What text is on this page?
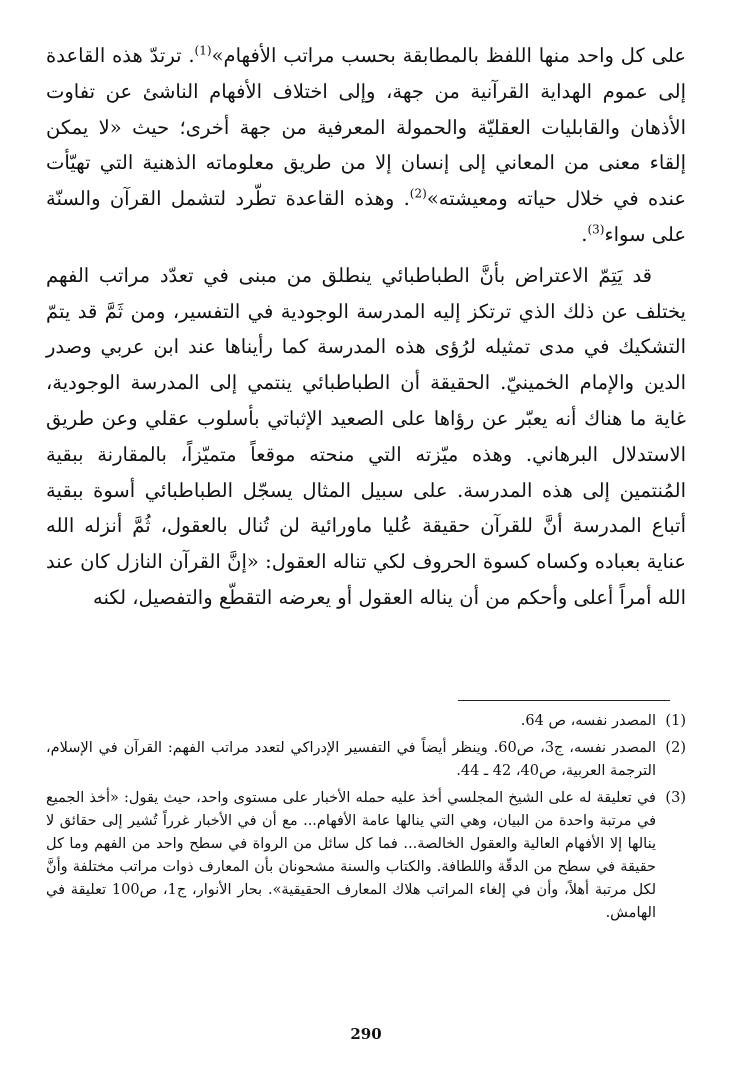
على كل واحد منها اللفظ بالمطابقة بحسب مراتب الأفهام»$^{(1)}$. ترتدّ هذه القاعدة إلى عموم الهداية القرآنية من جهة، وإلى اختلاف الأفهام الناشئ عن تفاوت الأذهان والقابليات العقليّة والحمولة المعرفية من جهة أخرى؛ حيث «لا يمكن إلقاء معنى من المعاني إلى إنسان إلا من طريق معلوماته الذهنية التي تهيّأت عنده في خلال حياته ومعيشته»$^{(2)}$. وهذه القاعدة تطّرد لتشمل القرآن والسنّة على سواء$^{(3)}$.

قد يَتِمّ الاعتراض بأنَّ الطباطبائي ينطلق من مبنى في تعدّد مراتب الفهم يختلف عن ذلك الذي ترتكز إليه المدرسة الوجودية في التفسير، ومن ثَمَّ قد يتمّ التشكيك في مدى تمثيله لرُؤى هذه المدرسة كما رأيناها عند ابن عربي وصدر الدين والإمام الخمينيّ. الحقيقة أن الطباطبائي ينتمي إلى المدرسة الوجودية، غاية ما هناك أنه يعبّر عن رؤاها على الصعيد الإثباتي بأسلوب عقلي وعن طريق الاستدلال البرهاني. وهذه ميّزته التي منحته موقعاً متميّزاً، بالمقارنة ببقية المُنتمين إلى هذه المدرسة. على سبيل المثال يسجّل الطباطبائي أسوة ببقية أتباع المدرسة أنَّ للقرآن حقيقة عُليا ماورائية لن تُنال بالعقول، ثُمَّ أنزله الله عناية بعباده وكساه كسوة الحروف لكي تناله العقول: «إنَّ القرآن النازل كان عند الله أمراً أعلى وأحكم من أن يناله العقول أو يعرضه التقطّع والتفصيل، لكنه

(1)
المصدر نفسه، ص 64.
(2)
المصدر نفسه، ج3، ص60. وينظر أيضاً في التفسير الإدراكي لتعدد مراتب الفهم: القرآن في الإسلام، الترجمة العربية، ص40، 42 ـ 44.
(3)
في تعليقة له على الشيخ المجلسي أخذ عليه حمله الأخبار على مستوى واحد، حيث يقول: «أخذ الجميع في مرتبة واحدة من البيان، وهي التي ينالها عامة الأفهام... مع أن في الأخبار غرراً تُشير إلى حقائق لا ينالها إلا الأفهام العالية والعقول الخالصة... فما كل سائل من الرواة في سطح واحد من الفهم وما كل حقيقة في سطح من الدقّة واللطافة. والكتاب والسنة مشحونان بأن المعارف ذوات مراتب مختلفة وأنَّ لكل مرتبة أهلاً، وأن في إلغاء المراتب هلاك المعارف الحقيقية». بحار الأنوار، ج1، ص100 تعليقة في الهامش.
290
